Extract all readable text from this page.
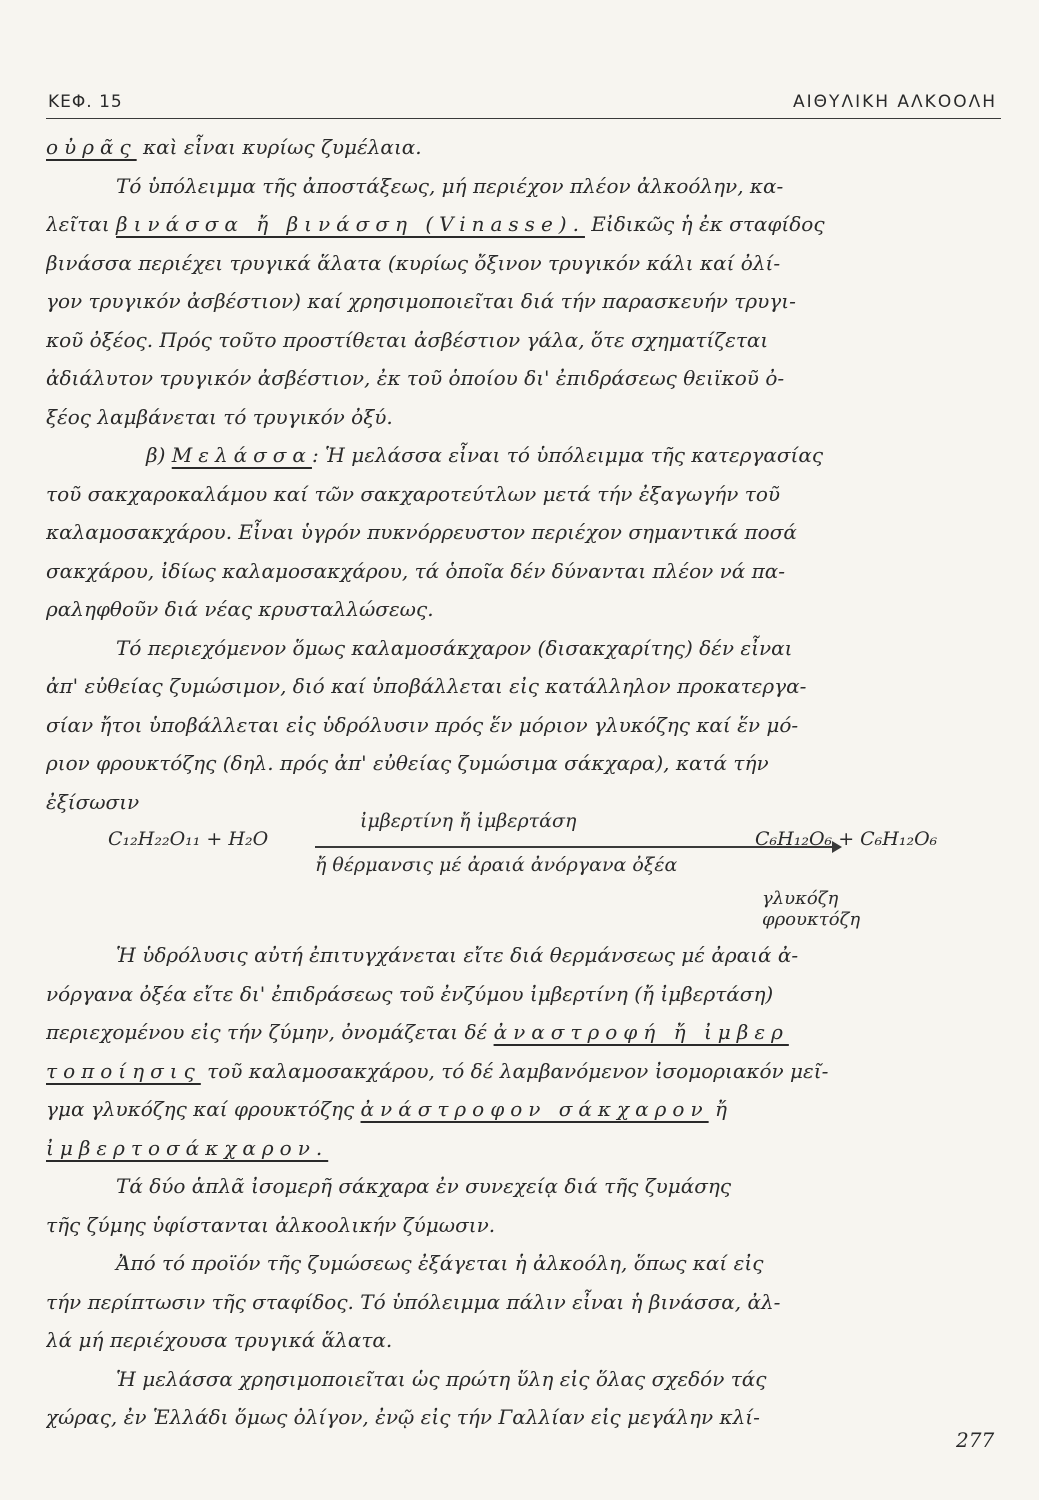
ΚΕΦ. 15	ΑΙΘΥΛΙΚΗ ΑΛΚΟΟΛΗ
οὐρᾶς καὶ εἶναι κυρίως ζυμέλαια.
Τό ὑπόλειμμα τῆς ἀποστάξεως, μή περιέχον πλέον ἀλκοόλην, κα-
λεῖται βινάσσα ἤ βινάσση (Vinasse). Εἰδικῶς ἡ ἐκ σταφίδος
βινάσσα περιέχει τρυγικά ἅλατα (κυρίως ὄξινον τρυγικόν κάλι καί ὀλί-
γον τρυγικόν ἀσβέστιον) καί χρησιμοποιεῖται διά τήν παρασκευήν τρυγι-
κοῦ ὀξέος. Πρός τοῦτο προστίθεται ἀσβέστιον γάλα, ὅτε σχηματίζεται
ἀδιάλυτον τρυγικόν ἀσβέστιον, ἐκ τοῦ ὁποίου δι' ἐπιδράσεως θειϊκοῦ ὀ-
ξέος λαμβάνεται τό τρυγικόν ὀξύ.
β) Μελάσσα: Ἡ μελάσσα εἶναι τό ὑπόλειμμα τῆς κατεργασίας
τοῦ σακχαροκαλάμου καί τῶν σακχαροτεύτλων μετά τήν ἐξαγωγήν τοῦ
καλαμοσακχάρου. Εἶναι ὑγρόν πυκνόρρευστον περιέχον σημαντικά ποσά
σακχάρου, ἰδίως καλαμοσακχάρου, τά ὁποῖα δέν δύνανται πλέον νά πα-
ραληφθοῦν διά νέας κρυσταλλώσεως.
Τό περιεχόμενον ὅμως καλαμοσάκχαρον (δισακχαρίτης) δέν εἶναι
ἀπ' εὐθείας ζυμώσιμον, διό καί ὑποβάλλεται εἰς κατάλληλον προκατεργα-
σίαν ἤτοι ὑποβάλλεται εἰς ὑδρόλυσιν πρός ἕν μόριον γλυκόζης καί ἕν μό-
ριον φρουκτόζης (δηλ. πρός ἀπ' εὐθείας ζυμώσιμα σάκχαρα), κατά τήν
ἐξίσωσιν
Ἡ ὑδρόλυσις αὐτή ἐπιτυγχάνεται εἴτε διά θερμάνσεως μέ ἀραιά ἀ-
νόργανα ὀξέα εἴτε δι' ἐπιδράσεως τοῦ ἐνζύμου ἰμβερτίνη (ἤ ἰμβερτάση)
περιεχομένου εἰς τήν ζύμην, ὀνομάζεται δέ ἀναστροφή ἤ ἰμβερ
τοποίησις τοῦ καλαμοσακχάρου, τό δέ λαμβανόμενον ἰσομοριακόν μεῖ-
γμα γλυκόζης καί φρουκτόζης ἀνάστροφον σάκχαρον ἤ
ἰμβερτοσάκχαρον.
Τά δύο ἁπλᾶ ἰσομερῆ σάκχαρα ἐν συνεχείᾳ διά τῆς ζυμάσης
τῆς ζύμης ὑφίστανται ἀλκοολικήν ζύμωσιν.
Ἀπό τό προϊόν τῆς ζυμώσεως ἐξάγεται ἡ ἀλκοόλη, ὅπως καί εἰς
τήν περίπτωσιν τῆς σταφίδος. Τό ὑπόλειμμα πάλιν εἶναι ἡ βινάσσα, ἀλ-
λά μή περιέχουσα τρυγικά ἅλατα.
Ἡ μελάσσα χρησιμοποιεῖται ὡς πρώτη ὕλη εἰς ὅλας σχεδόν τάς
χώρας, ἐν Ἑλλάδι ὅμως ὀλίγον, ἐνῷ εἰς τήν Γαλλίαν εἰς μεγάλην κλί-
C₁₂H₂₂O₁₁ + H₂O
ἰμβερτίνη ἤ ἰμβερτάση
ἤ θέρμανσις μέ ἀραιά ἀνόργανα ὀξέα
C₆H₁₂O₆ + C₆H₁₂O₆
γλυκόζη φρουκτόζη
277
